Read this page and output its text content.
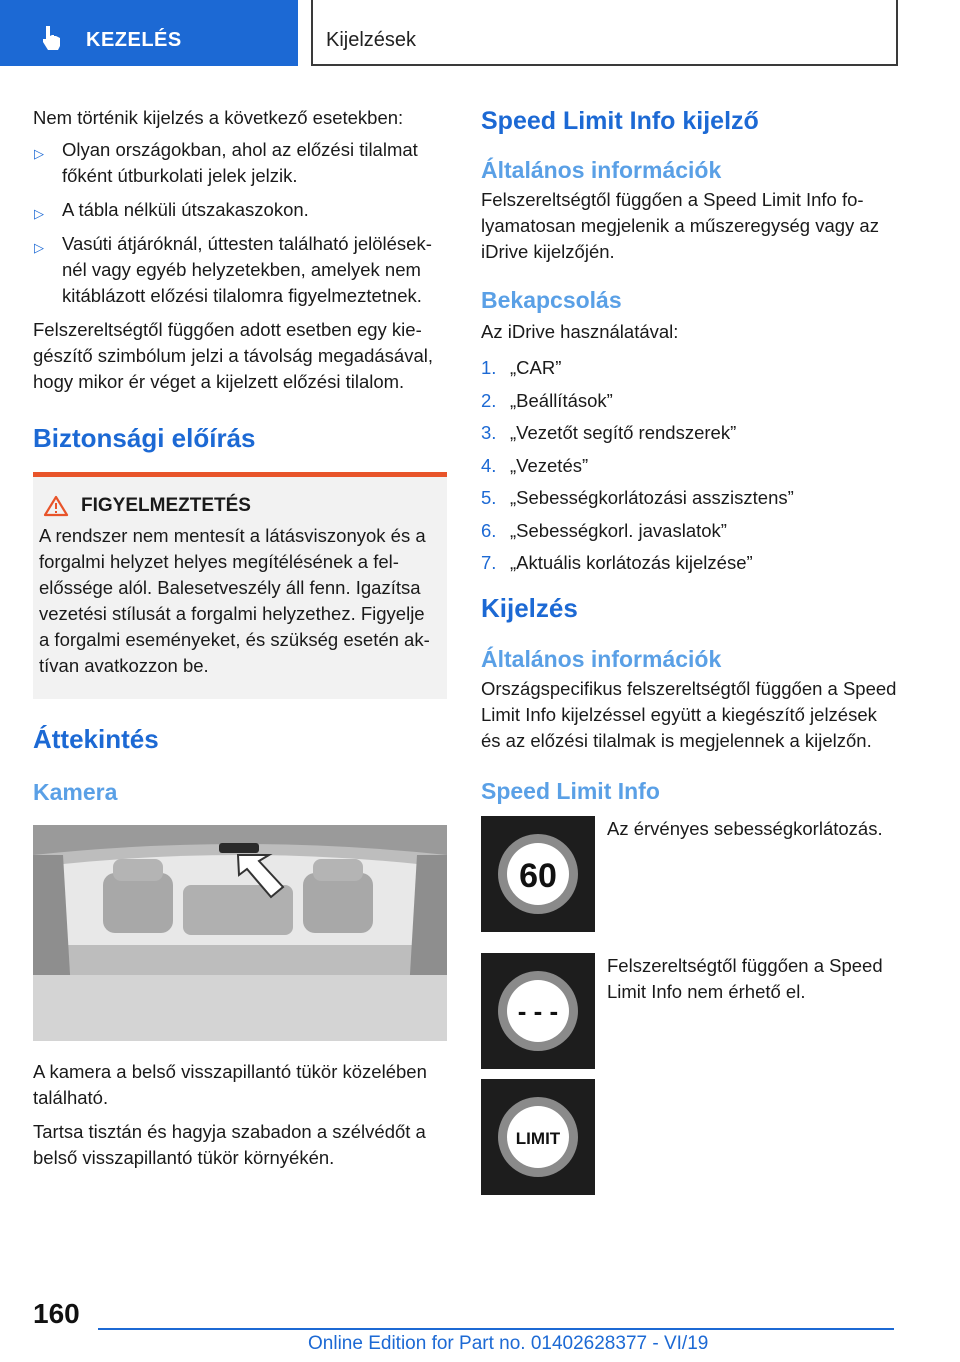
KEZELÉS	Kijelzések

Nem történik kijelzés a következő esetekben:

▷ Olyan országokban, ahol az előzési tilalmat főként útburkolati jelek jelzik.
▷ A tábla nélküli útszakaszokon.
▷ Vasúti átjáróknál, úttesten található jelölések-nél vagy egyéb helyzetekben, amelyek nem kitáblázott előzési tilalomra figyelmeztetnek.

Felszereltségtől függően adott esetben egy kie-gészítő szimbólum jelzi a távolság megadásával, hogy mikor ér véget a kijelzett előzési tilalom.

Biztonsági előírás
FIGYELMEZTETÉS

A rendszer nem mentesít a látásviszonyok és a forgalmi helyzet helyes megítélésének a fel-előssége alól. Balesetveszély áll fenn. Igazítsa vezetési stílusát a forgalmi helyzethez. Figyelje a forgalmi eseményeket, és szükség esetén ak-tívan avatkozzon be.

Áttekintés
Kamera

A kamera a belső visszapillantó tükör közelében található.

Tartsa tisztán és hagyja szabadon a szélvédőt a belső visszapillantó tükör környékén.

Speed Limit Info kijelző
Általános információk

Felszereltségtől függően a Speed Limit Info fo-lyamatosan megjelenik a műszeregység vagy az iDrive kijelzőjén.

Bekapcsolás

Az iDrive használatával:

1. „CAR”
2. „Beállítások”
3. „Vezetőt segítő rendszerek”
4. „Vezetés”
5. „Sebességkorlátozási asszisztens”
6. „Sebességkorl. javaslatok”
7. „Aktuális korlátozás kijelzése”
Kijelzés
Általános információk

Országspecifikus felszereltségtől függően a Speed Limit Info kijelzéssel együtt a kiegészítő jelzések és az előzési tilalmak is megjelennek a kijelzőn.

Speed Limit Info
60
Az érvényes sebességkorlátozás.
- - -
Felszereltségtől függően a Speed Limit Info nem érhető el.
LIMIT
160
Online Edition for Part no. 01402628377 - VI/19
